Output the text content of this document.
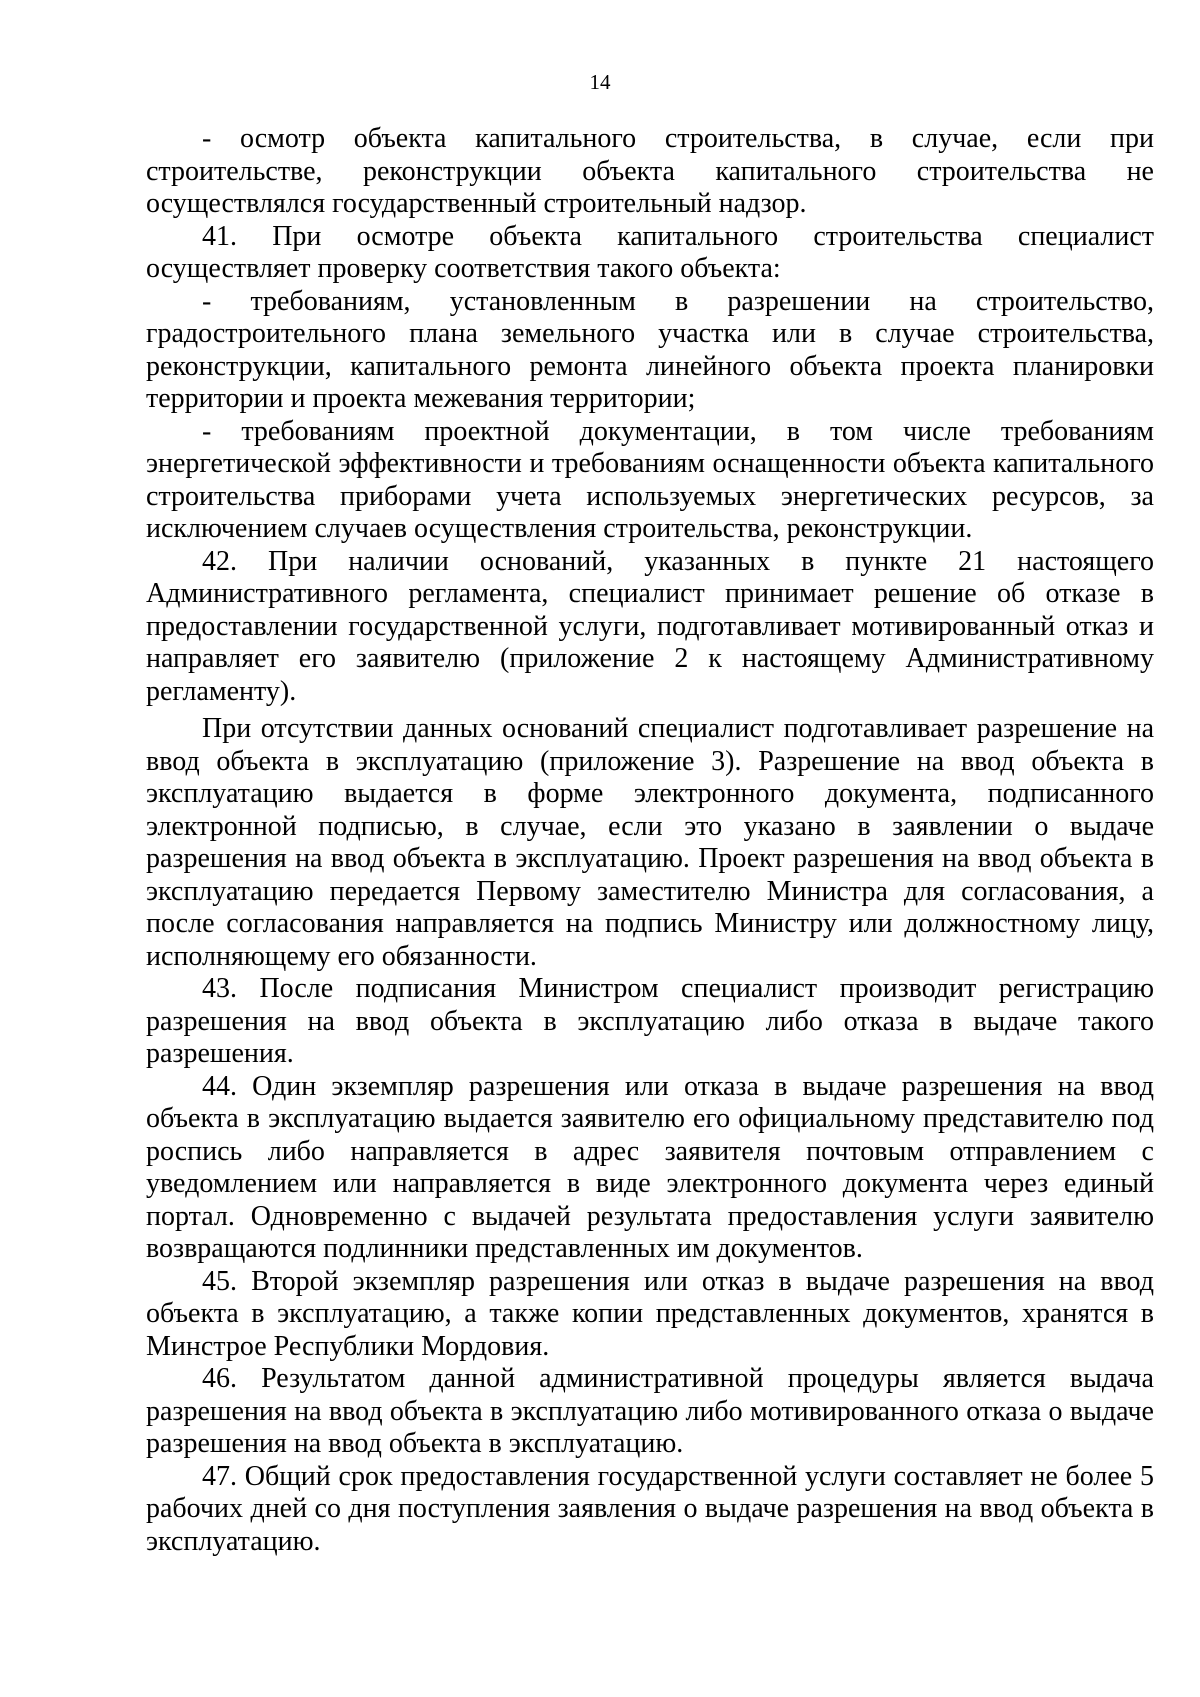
14

- осмотр объекта капитального строительства, в случае, если при строительстве, реконструкции объекта капитального строительства не осуществлялся государственный строительный надзор.

41. При осмотре объекта капитального строительства специалист осуществляет проверку соответствия такого объекта:

- требованиям, установленным в разрешении на строительство, градостроительного плана земельного участка или в случае строительства, реконструкции, капитального ремонта линейного объекта проекта планировки территории и проекта межевания территории;

- требованиям проектной документации, в том числе требованиям энергетической эффективности и требованиям оснащенности объекта капитального строительства приборами учета используемых энергетических ресурсов, за исключением случаев осуществления строительства, реконструкции.

42. При наличии оснований, указанных в пункте 21 настоящего Административного регламента, специалист принимает решение об отказе в предоставлении государственной услуги, подготавливает мотивированный отказ и направляет его заявителю (приложение 2 к настоящему Административному регламенту).

При отсутствии данных оснований специалист подготавливает разрешение на ввод объекта в эксплуатацию (приложение 3). Разрешение на ввод объекта в эксплуатацию выдается в форме электронного документа, подписанного электронной подписью, в случае, если это указано в заявлении о выдаче разрешения на ввод объекта в эксплуатацию. Проект разрешения на ввод объекта в эксплуатацию передается Первому заместителю Министра для согласования, а после согласования направляется на подпись Министру или должностному лицу, исполняющему его обязанности.

43. После подписания Министром специалист производит регистрацию разрешения на ввод объекта в эксплуатацию либо отказа в выдаче такого разрешения.

44. Один экземпляр разрешения или отказа в выдаче разрешения на ввод объекта в эксплуатацию выдается заявителю его официальному представителю под роспись либо направляется в адрес заявителя почтовым отправлением с уведомлением или направляется в виде электронного документа через единый портал. Одновременно с выдачей результата предоставления услуги заявителю возвращаются подлинники представленных им документов.

45. Второй экземпляр разрешения или отказ в выдаче разрешения на ввод объекта в эксплуатацию, а также копии представленных документов, хранятся в Минстрое Республики Мордовия.

46. Результатом данной административной процедуры является выдача разрешения на ввод объекта в эксплуатацию либо мотивированного отказа о выдаче разрешения на ввод объекта в эксплуатацию.

47. Общий срок предоставления государственной услуги составляет не более 5 рабочих дней со дня поступления заявления о выдаче разрешения на ввод объекта в эксплуатацию.
